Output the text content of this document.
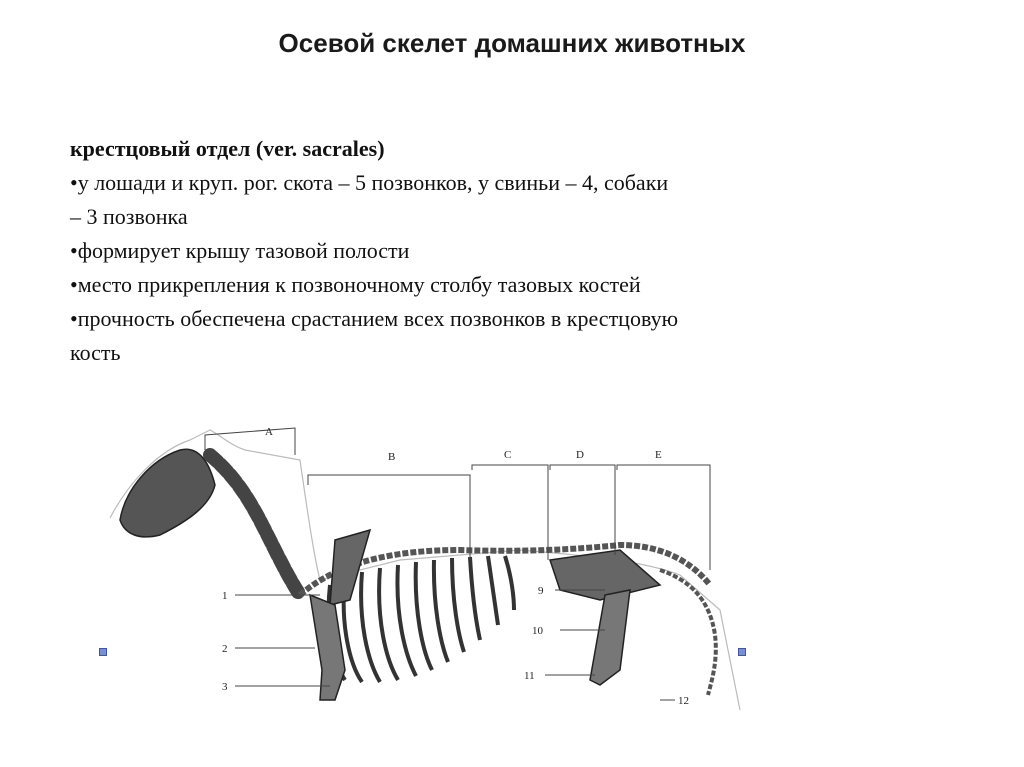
Осевой скелет домашних животных

крестцовый отдел (ver. sacrales)

•у лошади и круп. рог. скота – 5 позвонков, у свиньи – 4, собаки

– 3 позвонка

•формирует крышу тазовой полости

•место прикрепления к позвоночному столбу тазовых костей

•прочность обеспечена срастанием всех позвонков в крестцовую

кость

A
B	C	D	E
1
2
3
9
10
11
12
